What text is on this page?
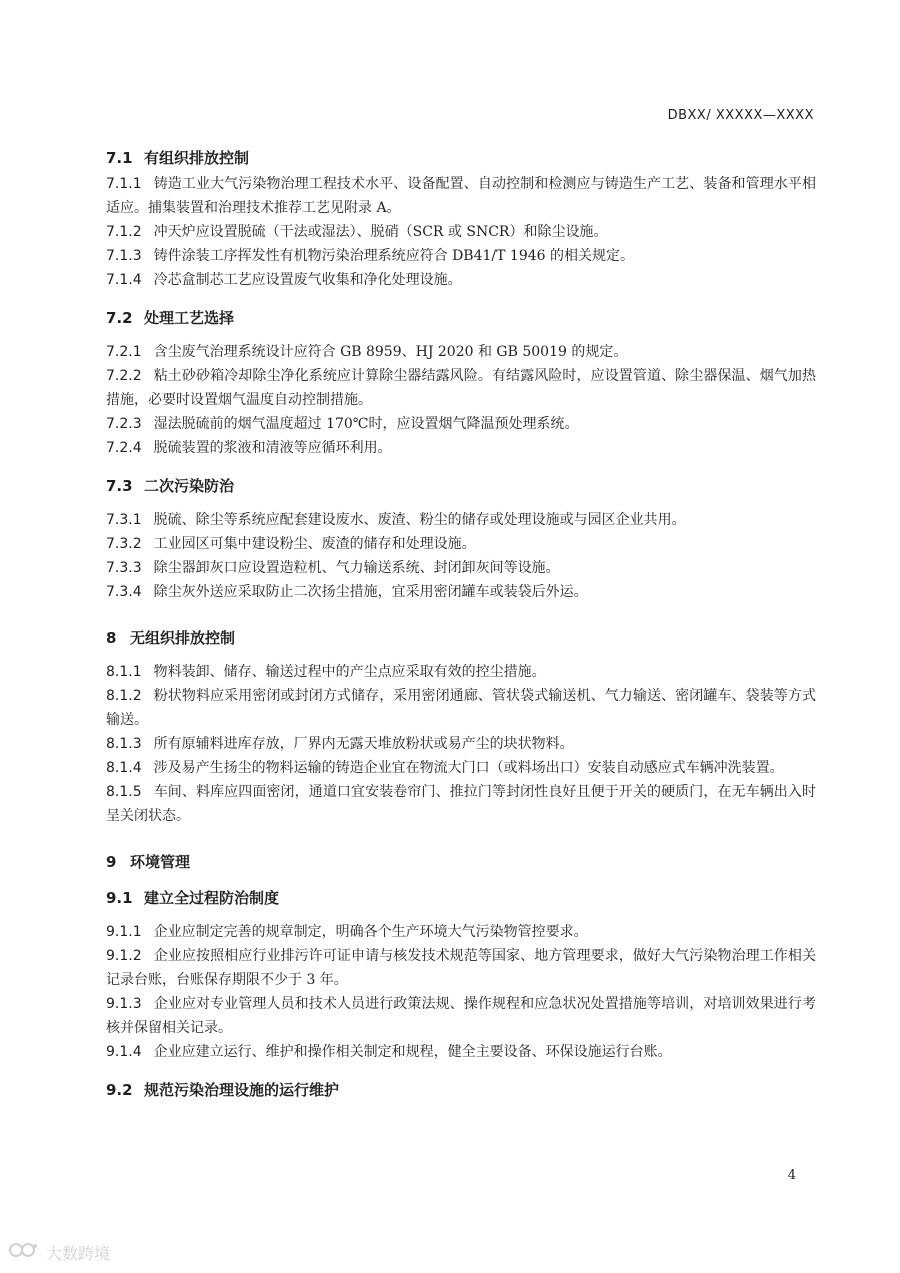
DBXX/ XXXXX—XXXX
7.1 有组织排放控制
7.1.1 铸造工业大气污染物治理工程技术水平、设备配置、自动控制和检测应与铸造生产工艺、装备和管理水平相适应。捕集装置和治理技术推荐工艺见附录 A。
7.1.2 冲天炉应设置脱硫（干法或湿法）、脱硝（SCR 或 SNCR）和除尘设施。
7.1.3 铸件涂装工序挥发性有机物污染治理系统应符合 DB41/T 1946 的相关规定。
7.1.4 冷芯盒制芯工艺应设置废气收集和净化处理设施。
7.2 处理工艺选择
7.2.1 含尘废气治理系统设计应符合 GB 8959、HJ 2020 和 GB 50019 的规定。
7.2.2 粘土砂砂箱冷却除尘净化系统应计算除尘器结露风险。有结露风险时，应设置管道、除尘器保温、烟气加热措施，必要时设置烟气温度自动控制措施。
7.2.3 湿法脱硫前的烟气温度超过 170℃时，应设置烟气降温预处理系统。
7.2.4 脱硫装置的浆液和清液等应循环利用。
7.3 二次污染防治
7.3.1 脱硫、除尘等系统应配套建设废水、废渣、粉尘的储存或处理设施或与园区企业共用。
7.3.2 工业园区可集中建设粉尘、废渣的储存和处理设施。
7.3.3 除尘器卸灰口应设置造粒机、气力输送系统、封闭卸灰间等设施。
7.3.4 除尘灰外送应采取防止二次扬尘措施，宜采用密闭罐车或装袋后外运。
8 无组织排放控制
8.1.1 物料装卸、储存、输送过程中的产尘点应采取有效的控尘措施。
8.1.2 粉状物料应采用密闭或封闭方式储存，采用密闭通廊、管状袋式输送机、气力输送、密闭罐车、袋装等方式输送。
8.1.3 所有原辅料进库存放，厂界内无露天堆放粉状或易产尘的块状物料。
8.1.4 涉及易产生扬尘的物料运输的铸造企业宜在物流大门口（或料场出口）安装自动感应式车辆冲洗装置。
8.1.5 车间、料库应四面密闭，通道口宜安装卷帘门、推拉门等封闭性良好且便于开关的硬质门，在无车辆出入时呈关闭状态。
9 环境管理
9.1 建立全过程防治制度
9.1.1 企业应制定完善的规章制定，明确各个生产环境大气污染物管控要求。
9.1.2 企业应按照相应行业排污许可证申请与核发技术规范等国家、地方管理要求，做好大气污染物治理工作相关记录台账，台账保存期限不少于 3 年。
9.1.3 企业应对专业管理人员和技术人员进行政策法规、操作规程和应急状况处置措施等培训，对培训效果进行考核并保留相关记录。
9.1.4 企业应建立运行、维护和操作相关制定和规程，健全主要设备、环保设施运行台账。
9.2 规范污染治理设施的运行维护
4
大数跨境
